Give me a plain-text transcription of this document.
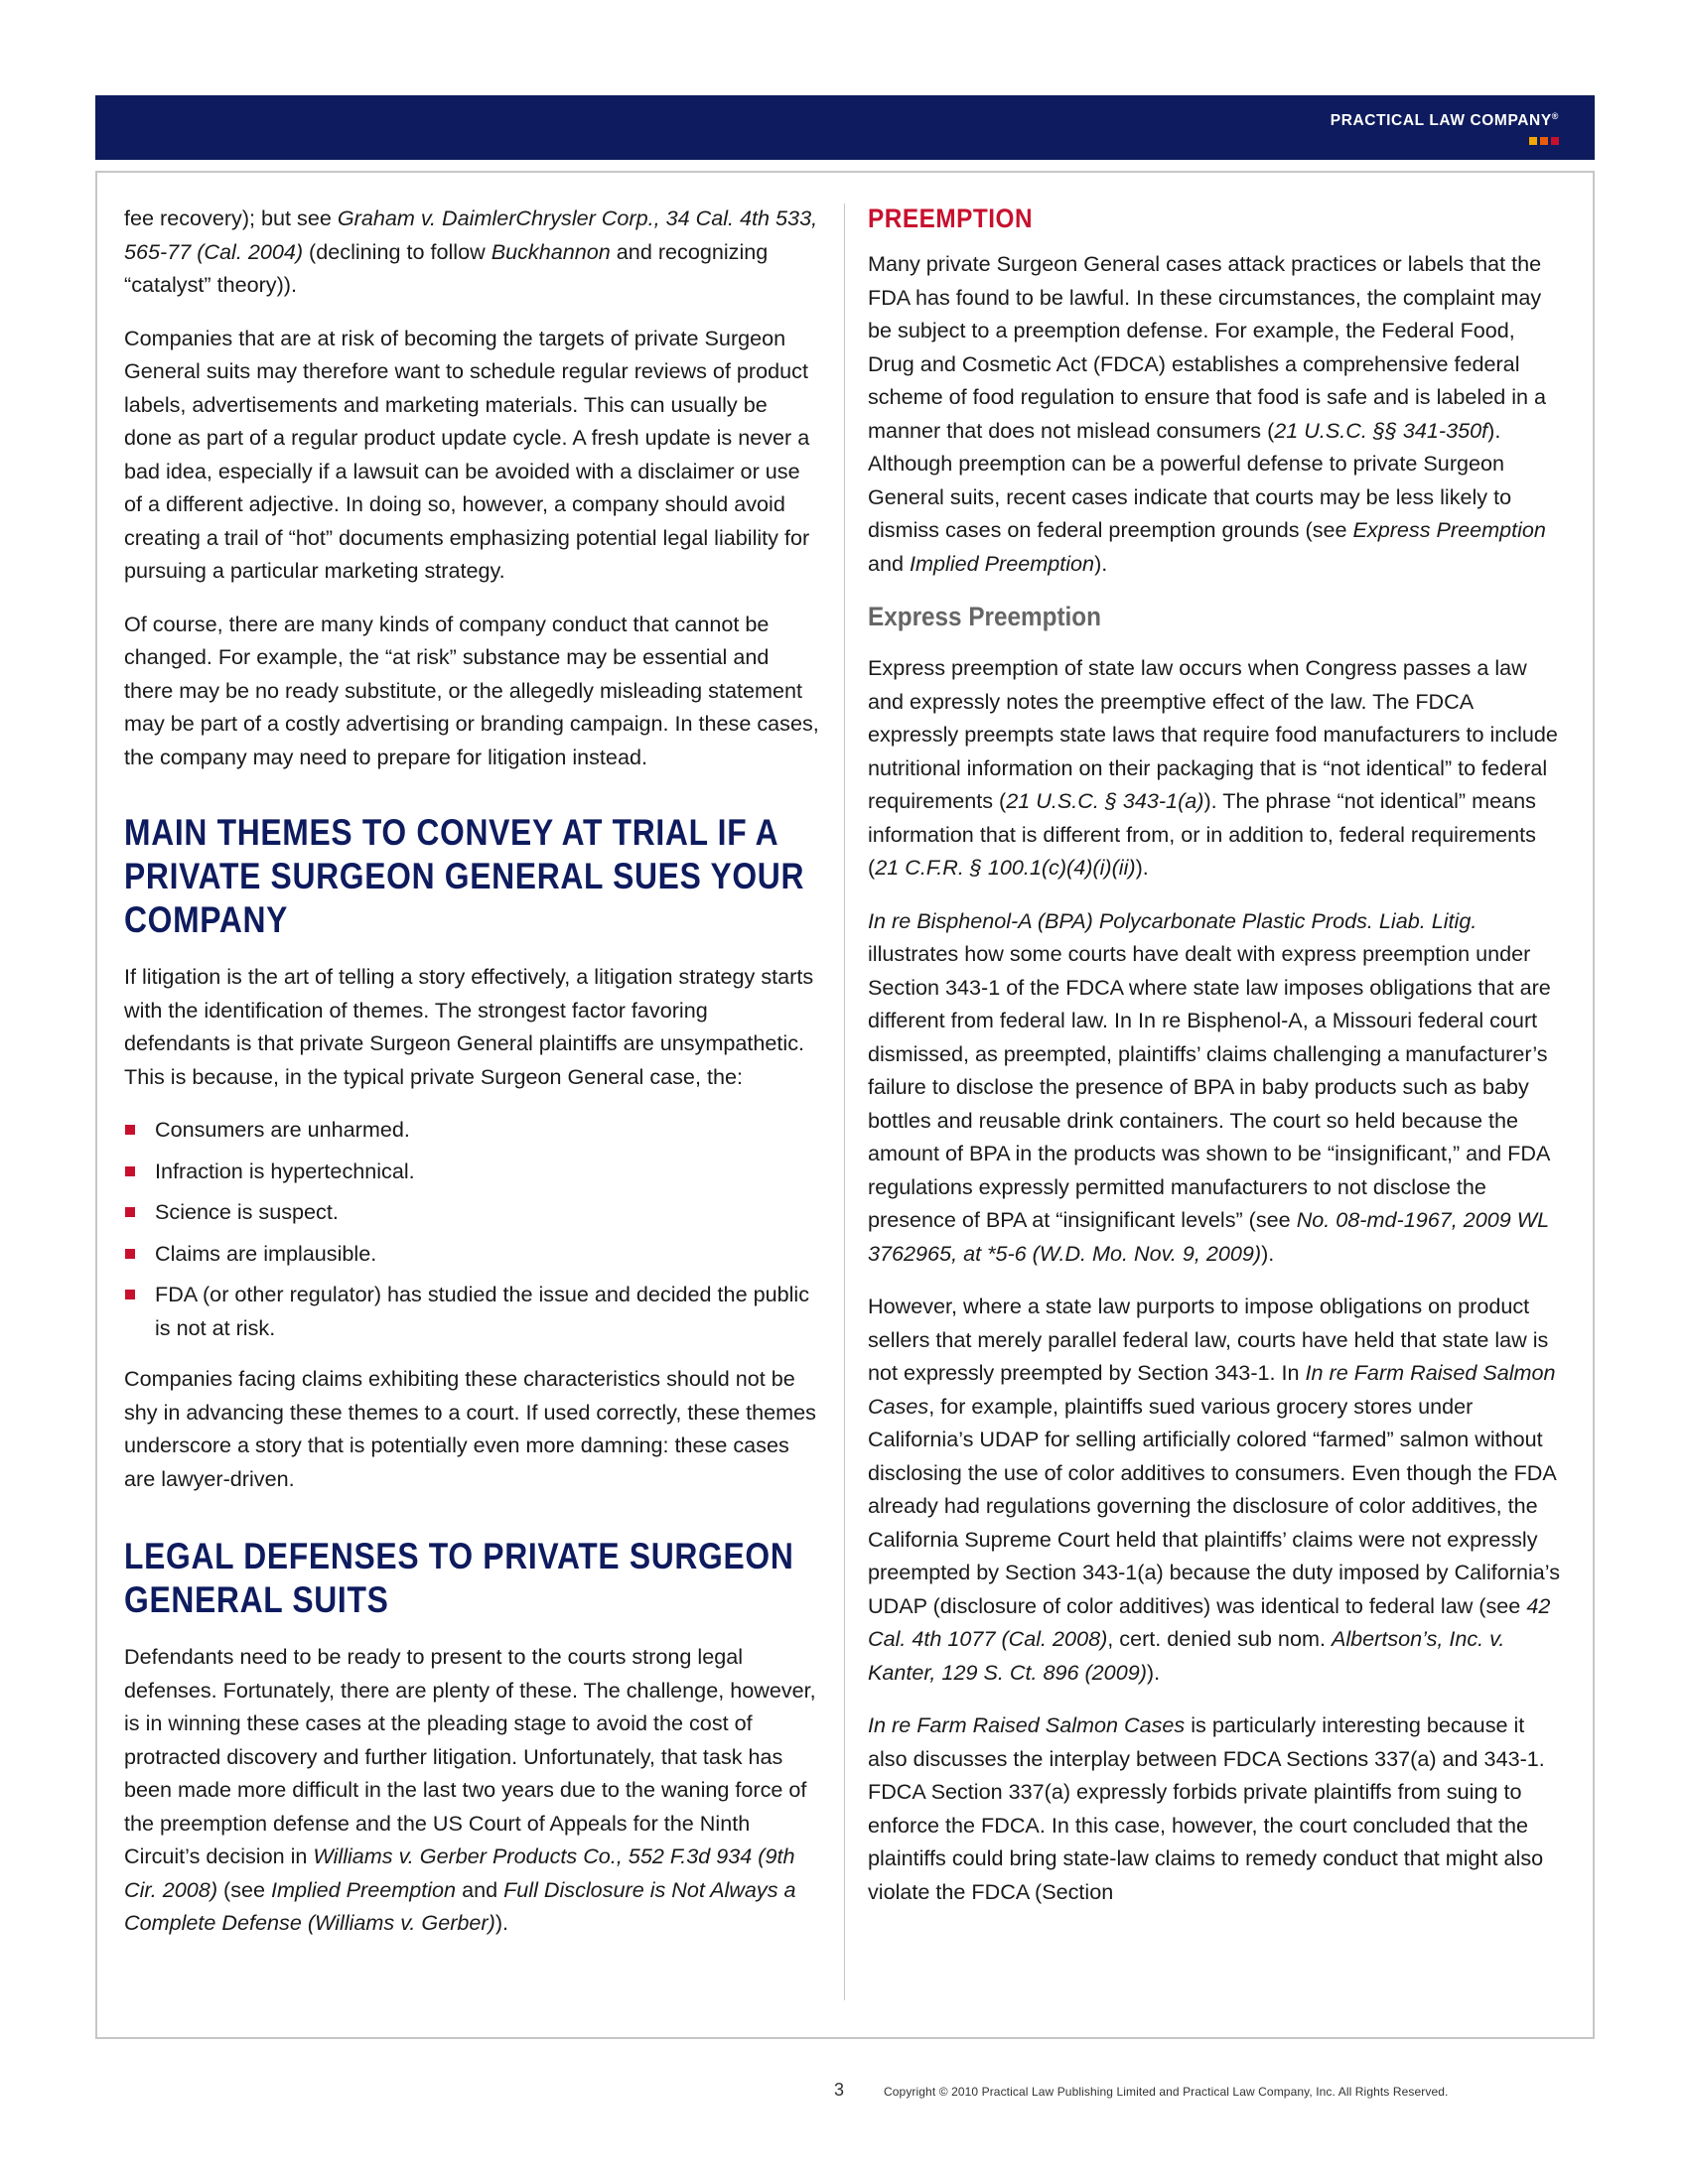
PRACTICAL LAW COMPANY®

fee recovery); but see Graham v. DaimlerChrysler Corp., 34 Cal. 4th 533, 565-77 (Cal. 2004) (declining to follow Buckhannon and recognizing “catalyst” theory)).

Companies that are at risk of becoming the targets of private Surgeon General suits may therefore want to schedule regular reviews of product labels, advertisements and marketing materials. This can usually be done as part of a regular product update cycle. A fresh update is never a bad idea, especially if a lawsuit can be avoided with a disclaimer or use of a different adjective. In doing so, however, a company should avoid creating a trail of “hot” documents emphasizing potential legal liability for pursuing a particular marketing strategy.

Of course, there are many kinds of company conduct that cannot be changed. For example, the “at risk” substance may be essential and there may be no ready substitute, or the allegedly misleading statement may be part of a costly advertising or branding campaign. In these cases, the company may need to prepare for litigation instead.

MAIN THEMES TO CONVEY AT TRIAL IF A PRIVATE SURGEON GENERAL SUES YOUR COMPANY

If litigation is the art of telling a story effectively, a litigation strategy starts with the identification of themes. The strongest factor favoring defendants is that private Surgeon General plaintiffs are unsympathetic. This is because, in the typical private Surgeon General case, the:

Consumers are unharmed.
Infraction is hypertechnical.
Science is suspect.
Claims are implausible.
FDA (or other regulator) has studied the issue and decided the public is not at risk.

Companies facing claims exhibiting these characteristics should not be shy in advancing these themes to a court. If used correctly, these themes underscore a story that is potentially even more damning: these cases are lawyer-driven.

LEGAL DEFENSES TO PRIVATE SURGEON GENERAL SUITS

Defendants need to be ready to present to the courts strong legal defenses. Fortunately, there are plenty of these. The challenge, however, is in winning these cases at the pleading stage to avoid the cost of protracted discovery and further litigation. Unfortunately, that task has been made more difficult in the last two years due to the waning force of the preemption defense and the US Court of Appeals for the Ninth Circuit’s decision in Williams v. Gerber Products Co., 552 F.3d 934 (9th Cir. 2008) (see Implied Preemption and Full Disclosure is Not Always a Complete Defense (Williams v. Gerber)).

PREEMPTION

Many private Surgeon General cases attack practices or labels that the FDA has found to be lawful. In these circumstances, the complaint may be subject to a preemption defense. For example, the Federal Food, Drug and Cosmetic Act (FDCA) establishes a comprehensive federal scheme of food regulation to ensure that food is safe and is labeled in a manner that does not mislead consumers (21 U.S.C. §§ 341-350f). Although preemption can be a powerful defense to private Surgeon General suits, recent cases indicate that courts may be less likely to dismiss cases on federal preemption grounds (see Express Preemption and Implied Preemption).

Express Preemption

Express preemption of state law occurs when Congress passes a law and expressly notes the preemptive effect of the law. The FDCA expressly preempts state laws that require food manufacturers to include nutritional information on their packaging that is “not identical” to federal requirements (21 U.S.C. § 343-1(a)). The phrase “not identical” means information that is different from, or in addition to, federal requirements (21 C.F.R. § 100.1(c)(4)(i)(ii)).

In re Bisphenol-A (BPA) Polycarbonate Plastic Prods. Liab. Litig. illustrates how some courts have dealt with express preemption under Section 343-1 of the FDCA where state law imposes obligations that are different from federal law. In In re Bisphenol-A, a Missouri federal court dismissed, as preempted, plaintiffs’ claims challenging a manufacturer’s failure to disclose the presence of BPA in baby products such as baby bottles and reusable drink containers. The court so held because the amount of BPA in the products was shown to be “insignificant,” and FDA regulations expressly permitted manufacturers to not disclose the presence of BPA at “insignificant levels” (see No. 08-md-1967, 2009 WL 3762965, at *5-6 (W.D. Mo. Nov. 9, 2009)).

However, where a state law purports to impose obligations on product sellers that merely parallel federal law, courts have held that state law is not expressly preempted by Section 343-1. In In re Farm Raised Salmon Cases, for example, plaintiffs sued various grocery stores under California’s UDAP for selling artificially colored “farmed” salmon without disclosing the use of color additives to consumers. Even though the FDA already had regulations governing the disclosure of color additives, the California Supreme Court held that plaintiffs’ claims were not expressly preempted by Section 343-1(a) because the duty imposed by California’s UDAP (disclosure of color additives) was identical to federal law (see 42 Cal. 4th 1077 (Cal. 2008), cert. denied sub nom. Albertson’s, Inc. v. Kanter, 129 S. Ct. 896 (2009)).

In re Farm Raised Salmon Cases is particularly interesting because it also discusses the interplay between FDCA Sections 337(a) and 343-1. FDCA Section 337(a) expressly forbids private plaintiffs from suing to enforce the FDCA. In this case, however, the court concluded that the plaintiffs could bring state-law claims to remedy conduct that might also violate the FDCA (Section

3	Copyright © 2010 Practical Law Publishing Limited and Practical Law Company, Inc. All Rights Reserved.
